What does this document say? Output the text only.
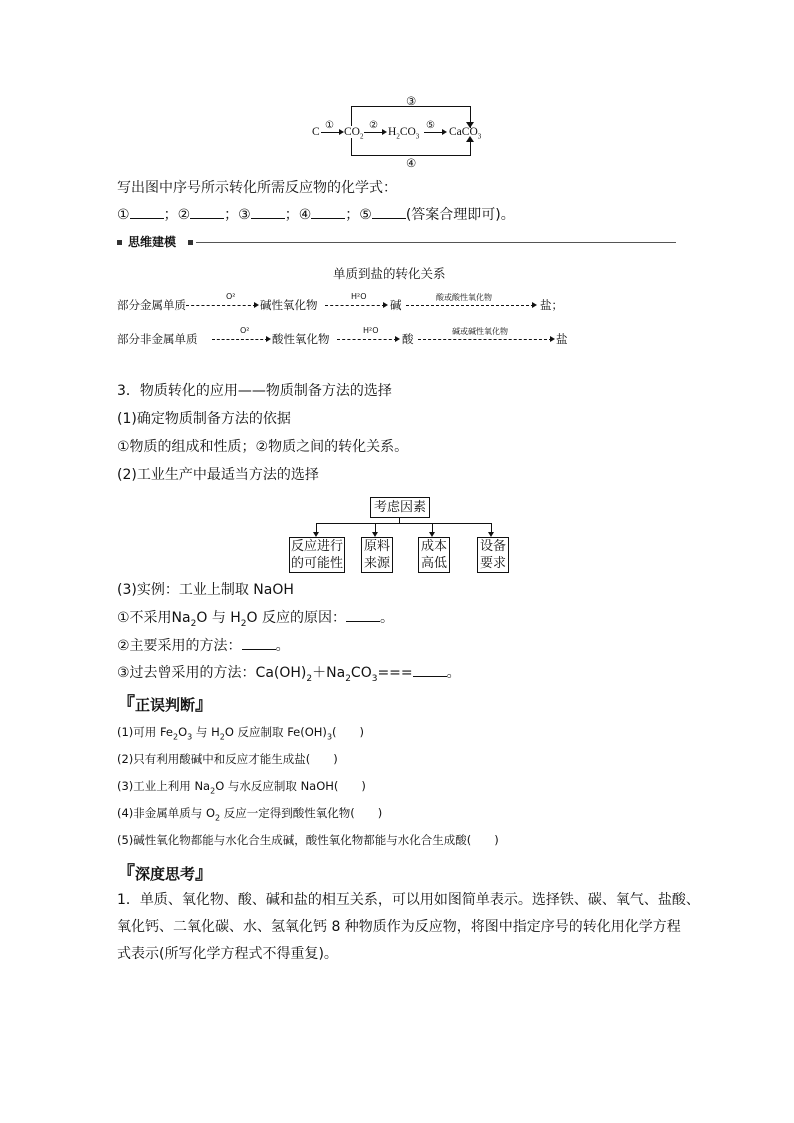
③
④
C
①
$CO_2$
②
$H_2CO_3$
⑤
CaCO$_3$
写出图中序号所示转化所需反应物的化学式：
① ；② ；③ ；④ ；⑤ (答案合理即可)。
思维建模
单质到盐的转化关系
部分金属单质
O²
碱性氧化物
H²O
碱
酸或酸性氧化物
盐；
部分非金属单质
O²
酸性氧化物
H²O
酸
碱或碱性氧化物
盐
3．物质转化的应用——物质制备方法的选择
(1)确定物质制备方法的依据
①物质的组成和性质；②物质之间的转化关系。
(2)工业生产中最适当方法的选择
考虑因素
反应进行
的可能性
原料
来源
成本
高低
设备
要求
(3)实例：工业上制取 NaOH
①不采用$Na_2O$ 与 $H_2O$ 反应的原因： 。
②主要采用的方法： 。
③过去曾采用的方法：$Ca(OH)_2+Na_2CO_3===$ 。
『正误判断』
(1)可用 $Fe_2O_3$ 与 $H_2O$ 反应制取 $Fe(OH)_3$(　　)
(2)只有利用酸碱中和反应才能生成盐(　　)
(3)工业上利用 $Na_2O$ 与水反应制取 NaOH(　　)
(4)非金属单质与 $O_2$ 反应一定得到酸性氧化物(　　)
(5)碱性氧化物都能与水化合生成碱，酸性氧化物都能与水化合生成酸(　　)
『深度思考』
1．单质、氧化物、酸、碱和盐的相互关系，可以用如图简单表示。选择铁、碳、氧气、盐酸、
氧化钙、二氧化碳、水、氢氧化钙 8 种物质作为反应物，将图中指定序号的转化用化学方程
式表示(所写化学方程式不得重复)。
